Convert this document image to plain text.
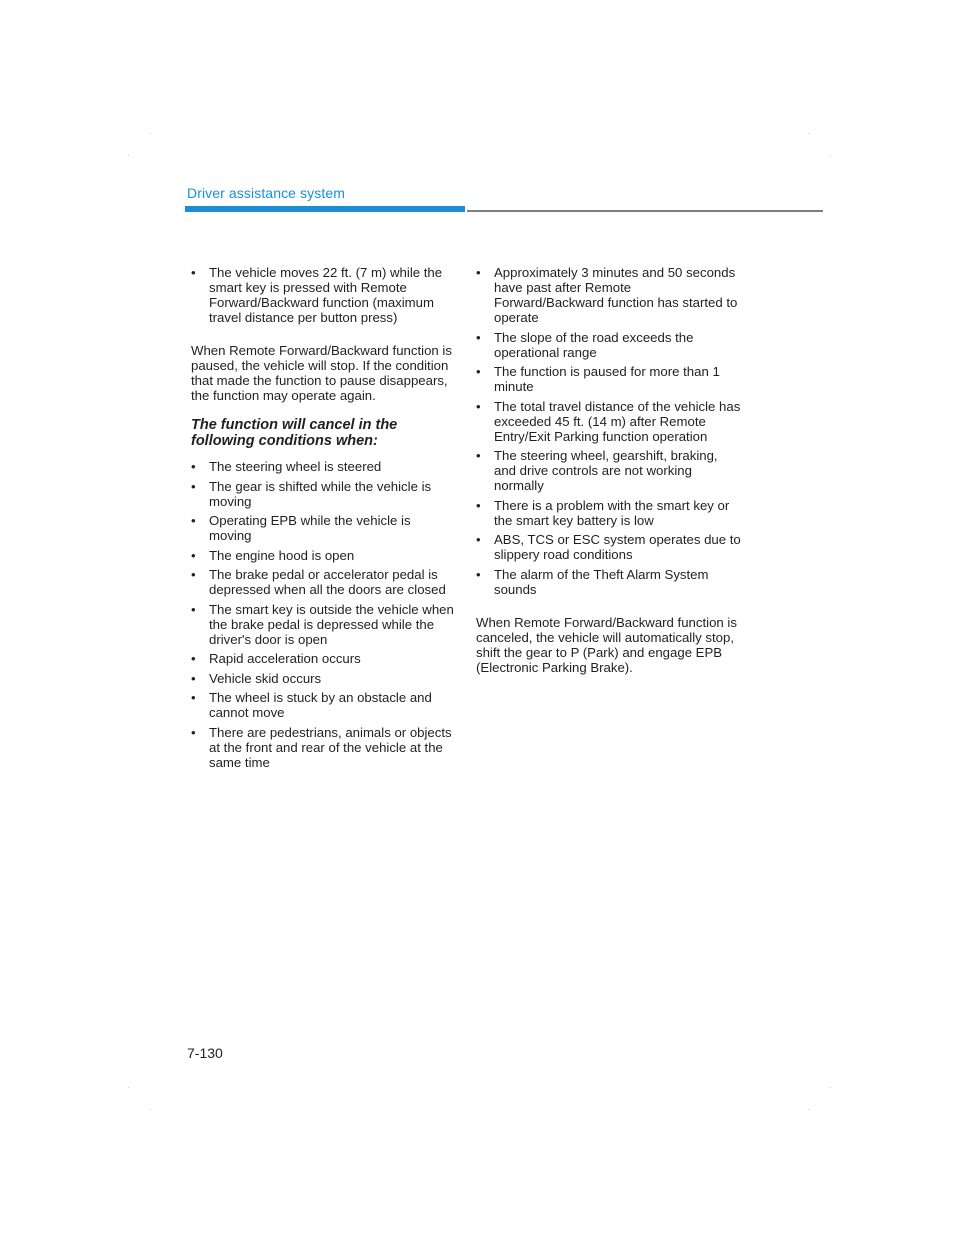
Driver assistance system
• The vehicle moves 22 ft. (7 m) while the smart key is pressed with Remote Forward/Backward function (maximum travel distance per button press)

When Remote Forward/Backward function is paused, the vehicle will stop. If the condition that made the function to pause disappears, the function may operate again.

The function will cancel in the following conditions when:
• The steering wheel is steered
• The gear is shifted while the vehicle is moving
• Operating EPB while the vehicle is moving
• The engine hood is open
• The brake pedal or accelerator pedal is depressed when all the doors are closed
• The smart key is outside the vehicle when the brake pedal is depressed while the driver's door is open
• Rapid acceleration occurs
• Vehicle skid occurs
• The wheel is stuck by an obstacle and cannot move
• There are pedestrians, animals or objects at the front and rear of the vehicle at the same time
• Approximately 3 minutes and 50 seconds have past after Remote Forward/Backward function has started to operate
• The slope of the road exceeds the operational range
• The function is paused for more than 1 minute
• The total travel distance of the vehicle has exceeded 45 ft. (14 m) after Remote Entry/Exit Parking function operation
• The steering wheel, gearshift, braking, and drive controls are not working normally
• There is a problem with the smart key or the smart key battery is low
• ABS, TCS or ESC system operates due to slippery road conditions
• The alarm of the Theft Alarm System sounds

When Remote Forward/Backward function is canceled, the vehicle will automatically stop, shift the gear to P (Park) and engage EPB (Electronic Parking Brake).

7-130
